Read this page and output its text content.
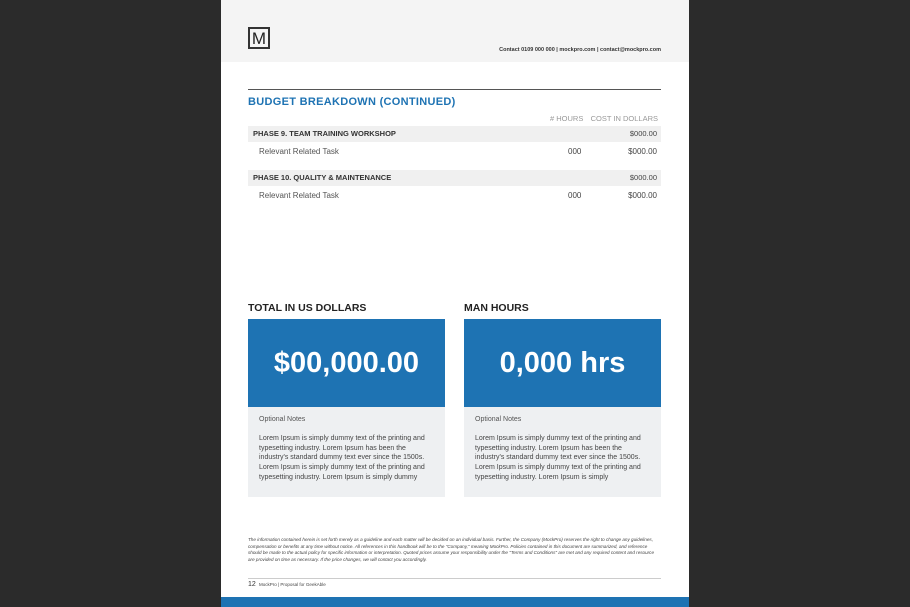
M
Contact 0109 000 000 | mockpro.com | contact@mockpro.com
BUDGET BREAKDOWN (CONTINUED)
# HOURS COST IN DOLLARS
PHASE 9. TEAM TRAINING WORKSHOP	$000.00
Relevant Related Task	000	$000.00
PHASE 10. QUALITY & MAINTENANCE	$000.00
Relevant Related Task	000	$000.00
TOTAL IN US DOLLARS
$00,000.00
Optional Notes
Lorem Ipsum is simply dummy text of the printing and typesetting industry. Lorem Ipsum has been the industry's standard dummy text ever since the 1500s. Lorem Ipsum is simply dummy text of the printing and typesetting industry. Lorem Ipsum is simply dummy
MAN HOURS
0,000 hrs
Optional Notes
Lorem Ipsum is simply dummy text of the printing and typesetting industry. Lorem Ipsum has been the industry's standard dummy text ever since the 1500s. Lorem Ipsum is simply dummy text of the printing and typesetting industry. Lorem Ipsum is simply
The information contained herein is set forth merely as a guideline and each matter will be decided on an individual basis. Further, the Company (MockPro) reserves the right to change any guidelines, compensation or benefits at any time without notice. All references in this handbook will be to the "Company," meaning MockPro. Policies contained in this document are summarized, and reference should be made to the actual policy for specific information or interpretation. Quoted prices assume your responsibility under the "Terms and Conditions" are met and any required content and resource are provided on time as necessary. If the price changes, we will contact you accordingly.
12 MockPro | Proposal for GeekAble
